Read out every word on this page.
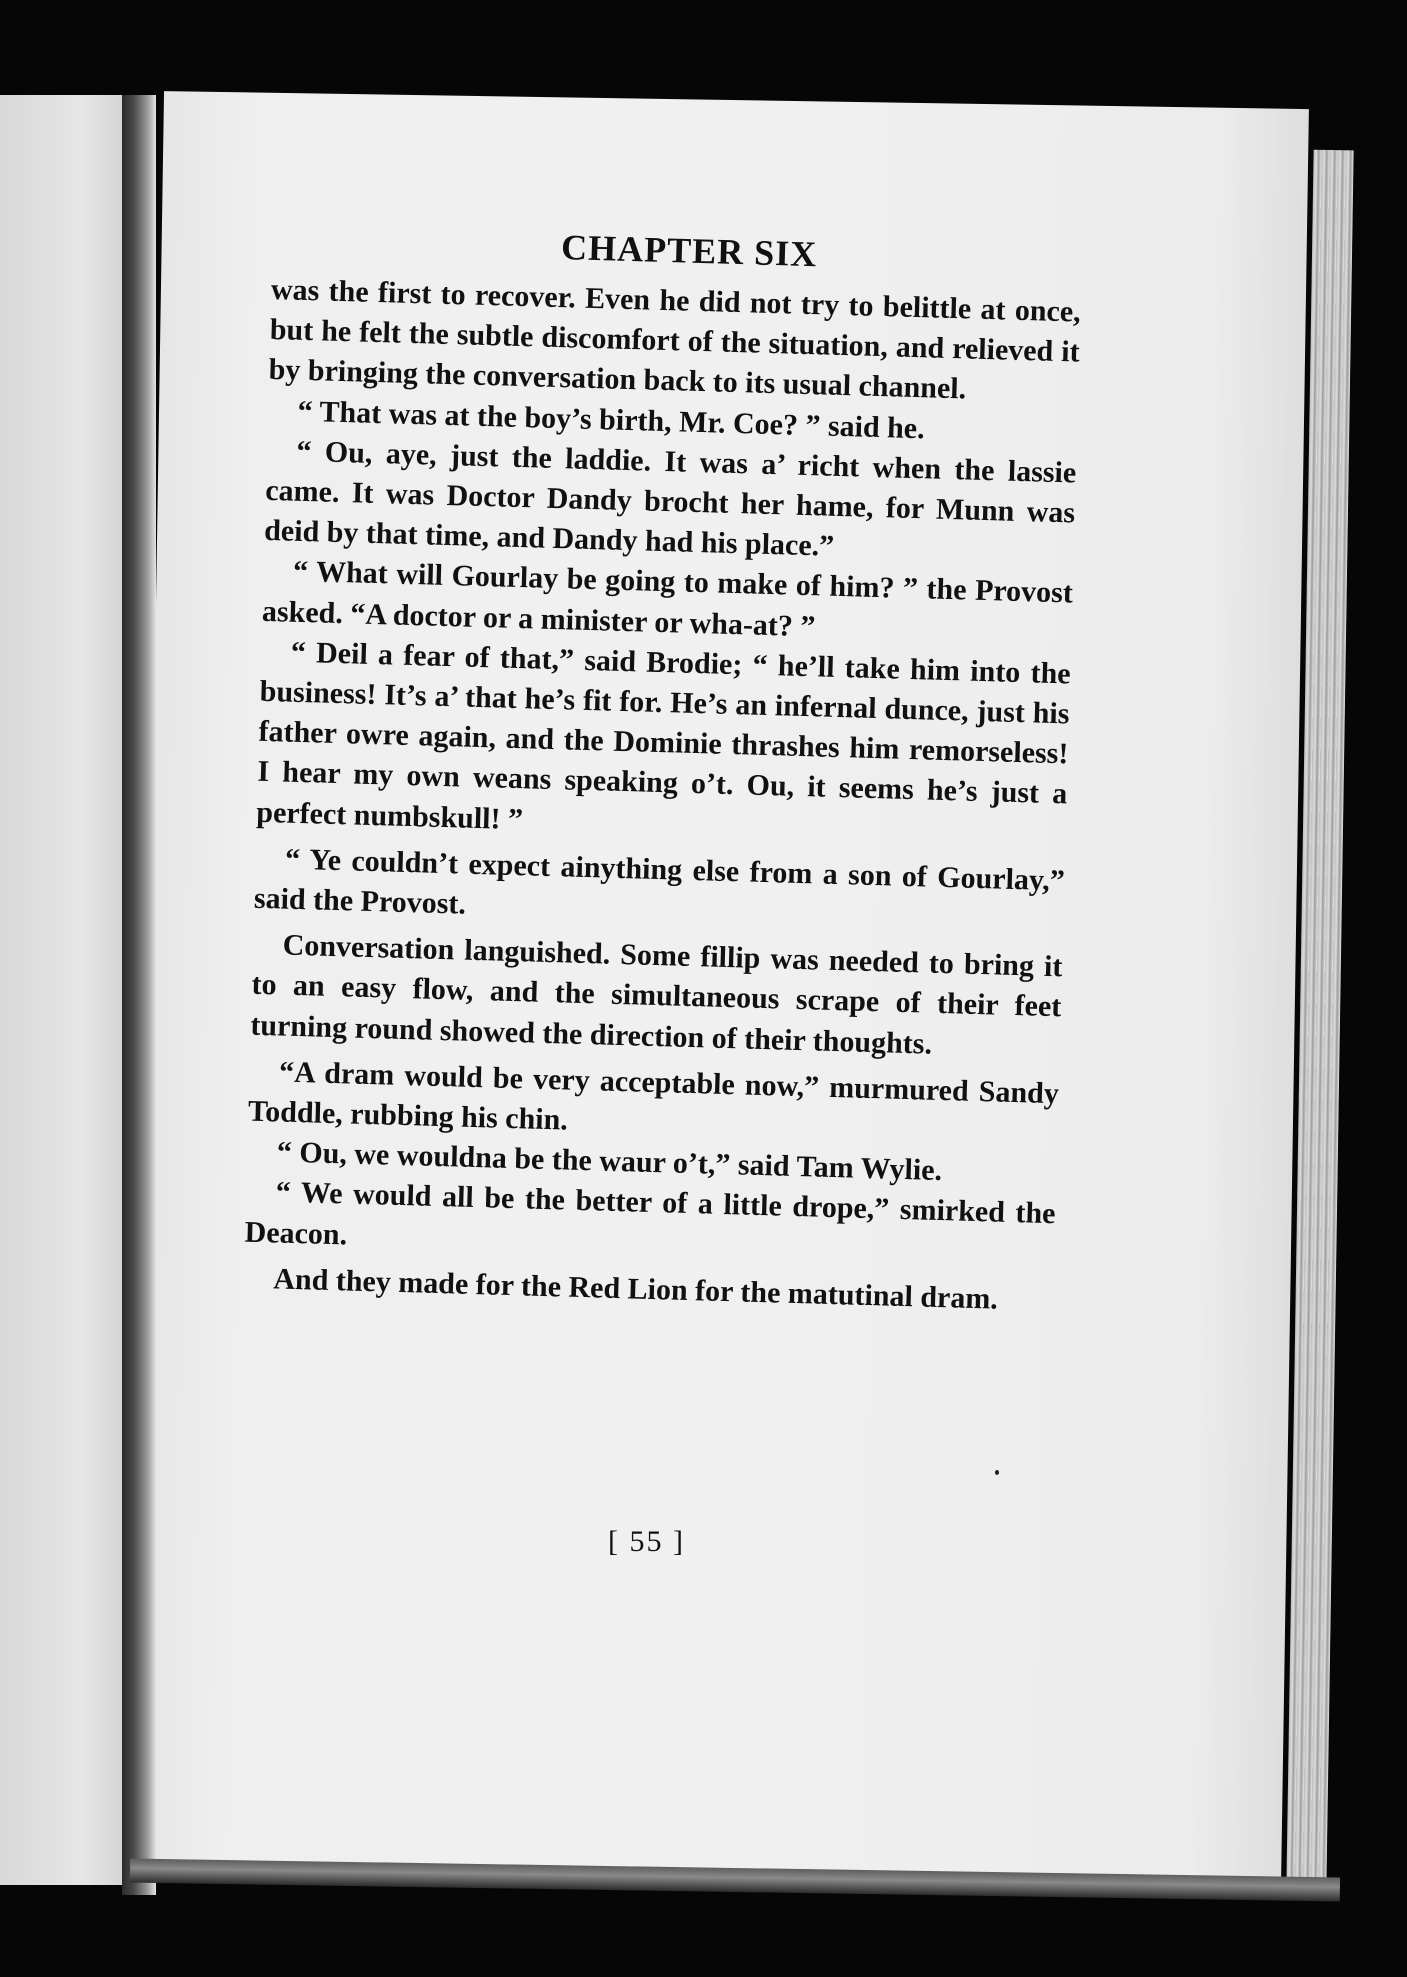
CHAPTER SIX

was the first to recover. Even he did not try to belittle at once, but he felt the subtle discomfort of the situation, and relieved it by bringing the conversation back to its usual channel.

“ That was at the boy’s birth, Mr. Coe? ” said he.

“ Ou, aye, just the laddie. It was a’ richt when the lassie came. It was Doctor Dandy brocht her hame, for Munn was deid by that time, and Dandy had his place.”

“ What will Gourlay be going to make of him? ” the Provost asked. “A doctor or a minister or wha-at? ”

“ Deil a fear of that,” said Brodie; “ he’ll take him into the business! It’s a’ that he’s fit for. He’s an infernal dunce, just his father owre again, and the Dominie thrashes him remorseless! I hear my own weans speaking o’t. Ou, it seems he’s just a perfect numbskull! ”

“ Ye couldn’t expect ainything else from a son of Gourlay,” said the Provost.

Conversation languished. Some fillip was needed to bring it to an easy flow, and the simultaneous scrape of their feet turning round showed the direction of their thoughts.

“A dram would be very acceptable now,” murmured Sandy Toddle, rubbing his chin.

“ Ou, we wouldna be the waur o’t,” said Tam Wylie.

“ We would all be the better of a little drope,” smirked the Deacon.

And they made for the Red Lion for the matutinal dram.

[ 55 ]
